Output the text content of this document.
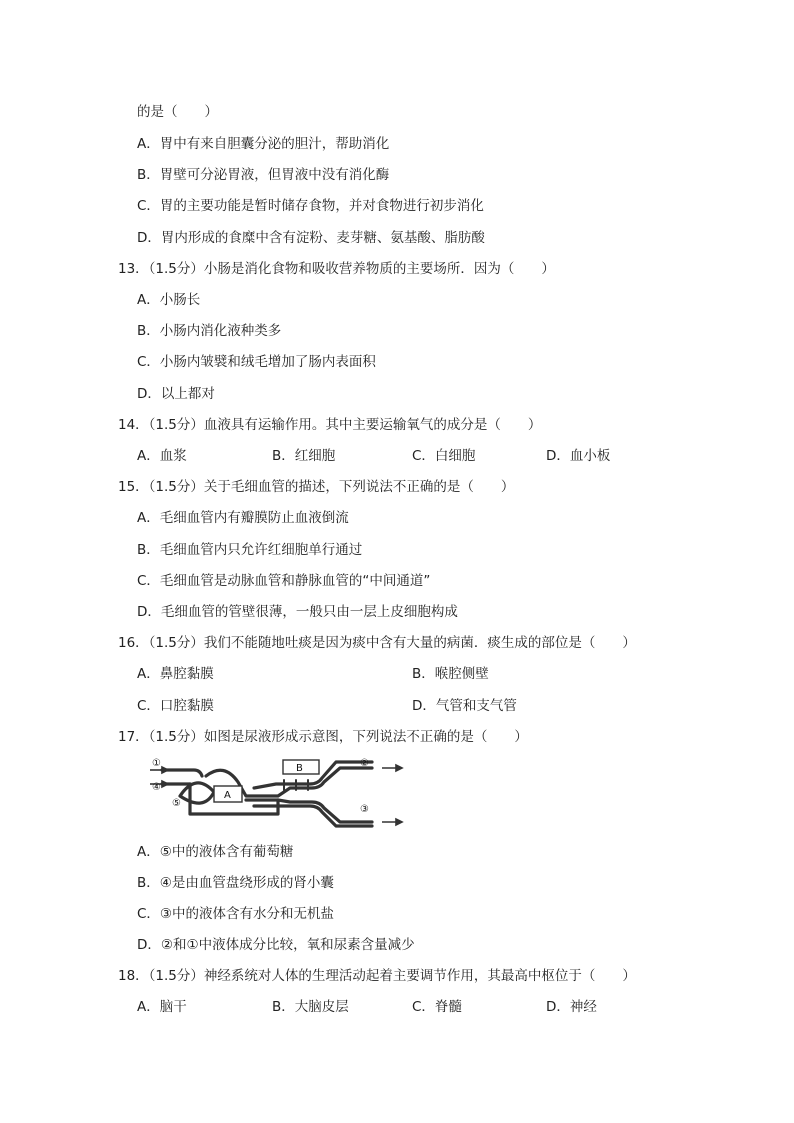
的是（　　）
A．胃中有来自胆囊分泌的胆汁，帮助消化
B．胃壁可分泌胃液，但胃液中没有消化酶
C．胃的主要功能是暂时储存食物，并对食物进行初步消化
D．胃内形成的食糜中含有淀粉、麦芽糖、氨基酸、脂肪酸
13．（1.5分）小肠是消化食物和吸收营养物质的主要场所．因为（　　）
A．小肠长
B．小肠内消化液种类多
C．小肠内皱襞和绒毛增加了肠内表面积
D．以上都对
14．（1.5分）血液具有运输作用。其中主要运输氧气的成分是（　　）
A．血浆	B．红细胞	C．白细胞	D．血小板
15．（1.5分）关于毛细血管的描述，下列说法不正确的是（　　）
A．毛细血管内有瓣膜防止血液倒流
B．毛细血管内只允许红细胞单行通过
C．毛细血管是动脉血管和静脉血管的“中间通道”
D．毛细血管的管壁很薄，一般只由一层上皮细胞构成
16．（1.5分）我们不能随地吐痰是因为痰中含有大量的病菌．痰生成的部位是（　　）
A．鼻腔黏膜	B．喉腔侧壁
C．口腔黏膜	D．气管和支气管
17．（1.5分）如图是尿液形成示意图，下列说法不正确的是（　　）
①
④
⑤
A
B	②
③
A．⑤中的液体含有葡萄糖
B．④是由血管盘绕形成的肾小囊
C．③中的液体含有水分和无机盐
D．②和①中液体成分比较，氧和尿素含量减少
18．（1.5分）神经系统对人体的生理活动起着主要调节作用，其最高中枢位于（　　）
A．脑干	B．大脑皮层	C．脊髓	D．神经
